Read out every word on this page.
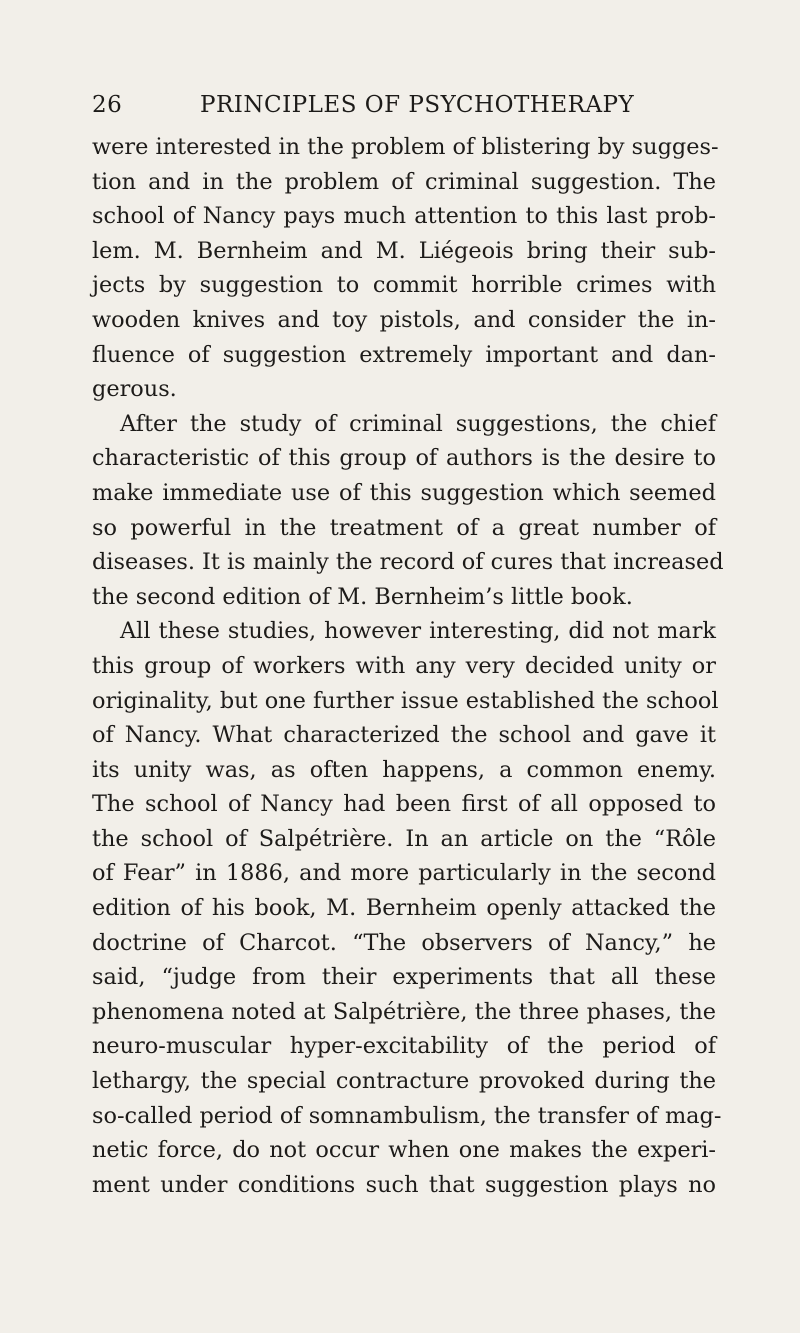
26	PRINCIPLES OF PSYCHOTHERAPY
were interested in the problem of blistering by sugges-
tion and in the problem of criminal suggestion. The
school of Nancy pays much attention to this last prob-
lem. M. Bernheim and M. Liégeois bring their sub-
jects by suggestion to commit horrible crimes with
wooden knives and toy pistols, and consider the in-
fluence of suggestion extremely important and dan-
gerous.
After the study of criminal suggestions, the chief
characteristic of this group of authors is the desire to
make immediate use of this suggestion which seemed
so powerful in the treatment of a great number of
diseases. It is mainly the record of cures that increased
the second edition of M. Bernheim’s little book.
All these studies, however interesting, did not mark
this group of workers with any very decided unity or
originality, but one further issue established the school
of Nancy. What characterized the school and gave it
its unity was, as often happens, a common enemy.
The school of Nancy had been first of all opposed to
the school of Salpétrière. In an article on the “Rôle
of Fear” in 1886, and more particularly in the second
edition of his book, M. Bernheim openly attacked the
doctrine of Charcot. “The observers of Nancy,” he
said, “judge from their experiments that all these
phenomena noted at Salpétrière, the three phases, the
neuro-muscular hyper-excitability of the period of
lethargy, the special contracture provoked during the
so-called period of somnambulism, the transfer of mag-
netic force, do not occur when one makes the experi-
ment under conditions such that suggestion plays no
